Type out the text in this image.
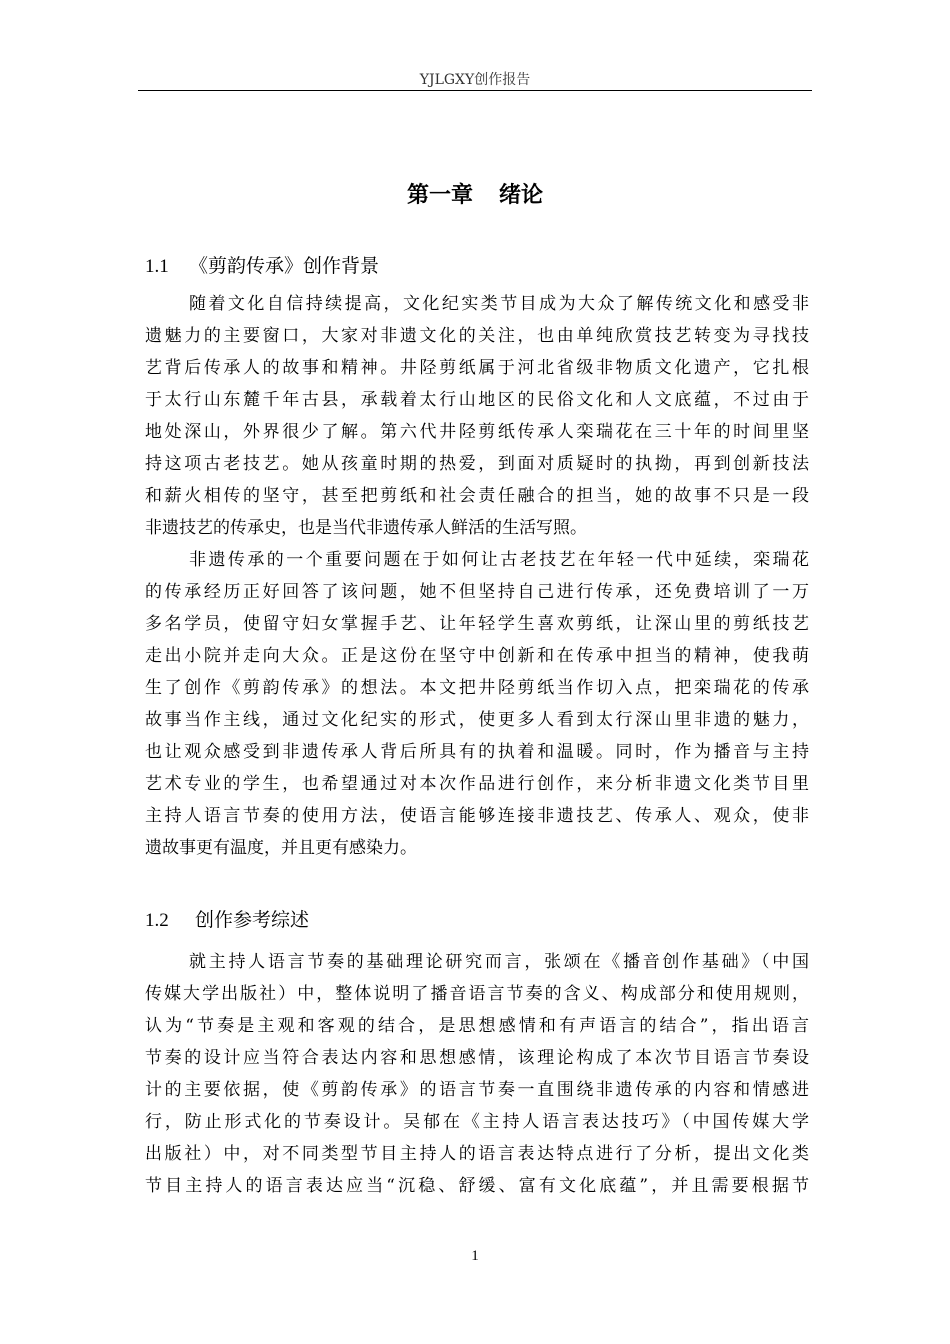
YJLGXY创作报告
第一章 绪论
1.1 《剪韵传承》创作背景
随着文化自信持续提高，文化纪实类节目成为大众了解传统文化和感受非
遗魅力的主要窗口，大家对非遗文化的关注，也由单纯欣赏技艺转变为寻找技
艺背后传承人的故事和精神。井陉剪纸属于河北省级非物质文化遗产，它扎根
于太行山东麓千年古县，承载着太行山地区的民俗文化和人文底蕴，不过由于
地处深山，外界很少了解。第六代井陉剪纸传承人栾瑞花在三十年的时间里坚
持这项古老技艺。她从孩童时期的热爱，到面对质疑时的执拗，再到创新技法
和薪火相传的坚守，甚至把剪纸和社会责任融合的担当，她的故事不只是一段
非遗技艺的传承史，也是当代非遗传承人鲜活的生活写照。
非遗传承的一个重要问题在于如何让古老技艺在年轻一代中延续，栾瑞花
的传承经历正好回答了该问题，她不但坚持自己进行传承，还免费培训了一万
多名学员，使留守妇女掌握手艺、让年轻学生喜欢剪纸，让深山里的剪纸技艺
走出小院并走向大众。正是这份在坚守中创新和在传承中担当的精神，使我萌
生了创作《剪韵传承》的想法。本文把井陉剪纸当作切入点，把栾瑞花的传承
故事当作主线，通过文化纪实的形式，使更多人看到太行深山里非遗的魅力，
也让观众感受到非遗传承人背后所具有的执着和温暖。同时，作为播音与主持
艺术专业的学生，也希望通过对本次作品进行创作，来分析非遗文化类节目里
主持人语言节奏的使用方法，使语言能够连接非遗技艺、传承人、观众，使非
遗故事更有温度，并且更有感染力。
1.2 创作参考综述
就主持人语言节奏的基础理论研究而言，张颂在《播音创作基础》（中国
传媒大学出版社）中，整体说明了播音语言节奏的含义、构成部分和使用规则，
认为“节奏是主观和客观的结合，是思想感情和有声语言的结合”，指出语言
节奏的设计应当符合表达内容和思想感情，该理论构成了本次节目语言节奏设
计的主要依据，使《剪韵传承》的语言节奏一直围绕非遗传承的内容和情感进
行，防止形式化的节奏设计。吴郁在《主持人语言表达技巧》（中国传媒大学
出版社）中，对不同类型节目主持人的语言表达特点进行了分析，提出文化类
节目主持人的语言表达应当“沉稳、舒缓、富有文化底蕴”，并且需要根据节
1
